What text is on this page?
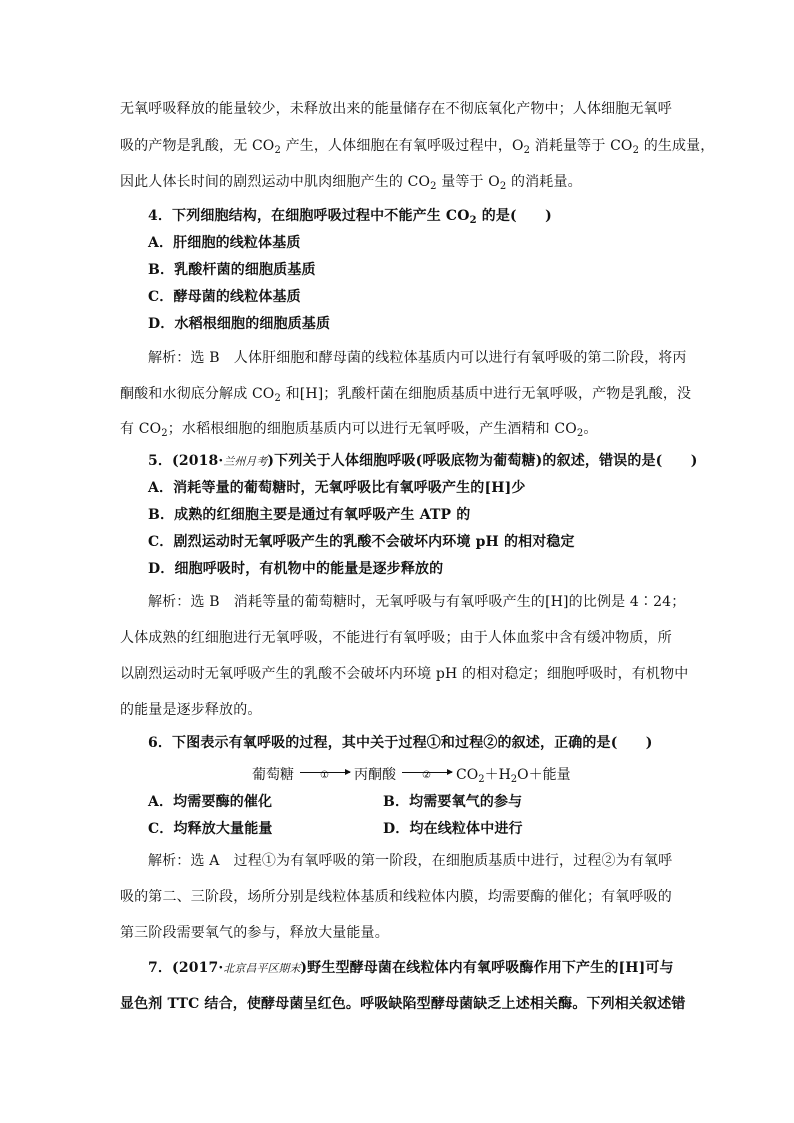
无氧呼吸释放的能量较少，未释放出来的能量储存在不彻底氧化产物中；人体细胞无氧呼
吸的产物是乳酸，无 $CO_2$ 产生，人体细胞在有氧呼吸过程中，$O_2$ 消耗量等于 $CO_2$ 的生成量，
因此人体长时间的剧烈运动中肌肉细胞产生的 $CO_2$ 量等于 $O_2$ 的消耗量。
4．下列细胞结构，在细胞呼吸过程中不能产生 $CO_2$ 的是(　　)
A．肝细胞的线粒体基质
B．乳酸杆菌的细胞质基质
C．酵母菌的线粒体基质
D．水稻根细胞的细胞质基质
解析：选 B　人体肝细胞和酵母菌的线粒体基质内可以进行有氧呼吸的第二阶段，将丙
酮酸和水彻底分解成 $CO_2$ 和[H]；乳酸杆菌在细胞质基质中进行无氧呼吸，产物是乳酸，没
有 $CO_2$；水稻根细胞的细胞质基质内可以进行无氧呼吸，产生酒精和 $CO_2$。
5．(2018·兰州月考)下列关于人体细胞呼吸(呼吸底物为葡萄糖)的叙述，错误的是(　　)
A．消耗等量的葡萄糖时，无氧呼吸比有氧呼吸产生的[H]少
B．成熟的红细胞主要是通过有氧呼吸产生 ATP 的
C．剧烈运动时无氧呼吸产生的乳酸不会破坏内环境 pH 的相对稳定
D．细胞呼吸时，有机物中的能量是逐步释放的
解析：选 B　消耗等量的葡萄糖时，无氧呼吸与有氧呼吸产生的[H]的比例是 4∶24；
人体成熟的红细胞进行无氧呼吸，不能进行有氧呼吸；由于人体血浆中含有缓冲物质，所
以剧烈运动时无氧呼吸产生的乳酸不会破坏内环境 pH 的相对稳定；细胞呼吸时，有机物中
的能量是逐步释放的。
6．下图表示有氧呼吸的过程，其中关于过程①和过程②的叙述，正确的是(　　)
葡萄糖	① 丙酮酸	② $CO_2+H_2O+$能量
A．均需要酶的催化	B．均需要氧气的参与
C．均释放大量能量	D．均在线粒体中进行
解析：选 A　过程①为有氧呼吸的第一阶段，在细胞质基质中进行，过程②为有氧呼
吸的第二、三阶段，场所分别是线粒体基质和线粒体内膜，均需要酶的催化；有氧呼吸的
第三阶段需要氧气的参与，释放大量能量。
7．(2017·北京昌平区期末)野生型酵母菌在线粒体内有氧呼吸酶作用下产生的[H]可与
显色剂 TTC 结合，使酵母菌呈红色。呼吸缺陷型酵母菌缺乏上述相关酶。下列相关叙述错
